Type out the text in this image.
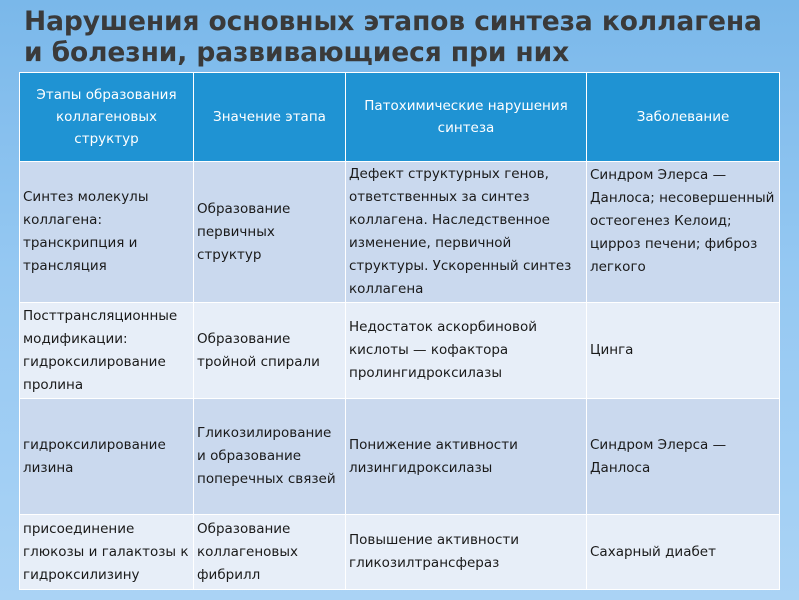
Нарушения основных этапов синтеза коллагена и болезни, развивающиеся при них
Этапы образования коллагеновых структур	Значение этапа	Патохимические нарушения синтеза	Заболевание
Синтез молекулы коллагена: транскрипция и трансляция	Образование первичных структур	Дефект структурных генов, ответственных за синтез коллагена. Наследственное изменение, первичной структуры. Ускоренный синтез коллагена	Синдром Элерса — Данлоса; несовершенный остеогенез Келоид; цирроз печени; фиброз легкого
Посттрансляционные модификации: гидроксилирование пролина	Образование тройной спирали	Недостаток аскорбиновой кислоты — кофактора пролингидроксилазы	Цинга
гидроксилирование лизина	Гликозилирование и образование поперечных связей	Понижение активности лизингидроксилазы	Синдром Элерса — Данлоса
присоединение глюкозы и галактозы к гидроксилизину	Образование коллагеновых фибрилл	Повышение активности гликозилтрансфераз	Сахарный диабет
